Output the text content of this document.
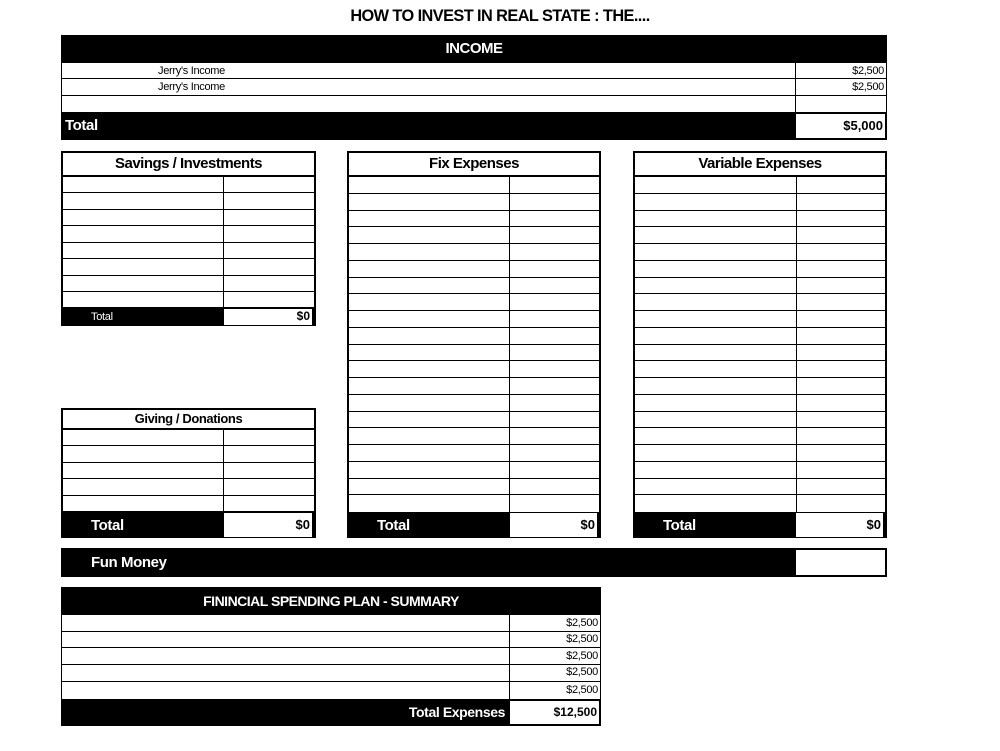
HOW TO INVEST IN REAL STATE : THE....
INCOME
Jerry's Income	$2,500
Jerry's Income	$2,500
Total	$5,000
Savings / Investments
Total	$0
Giving / Donations
Total	$0
Fix Expenses
Total	$0
Variable Expenses
Total	$0
Fun Money
FININCIAL SPENDING PLAN - SUMMARY
$2,500
$2,500
$2,500
$2,500
$2,500
Total Expenses	$12,500
